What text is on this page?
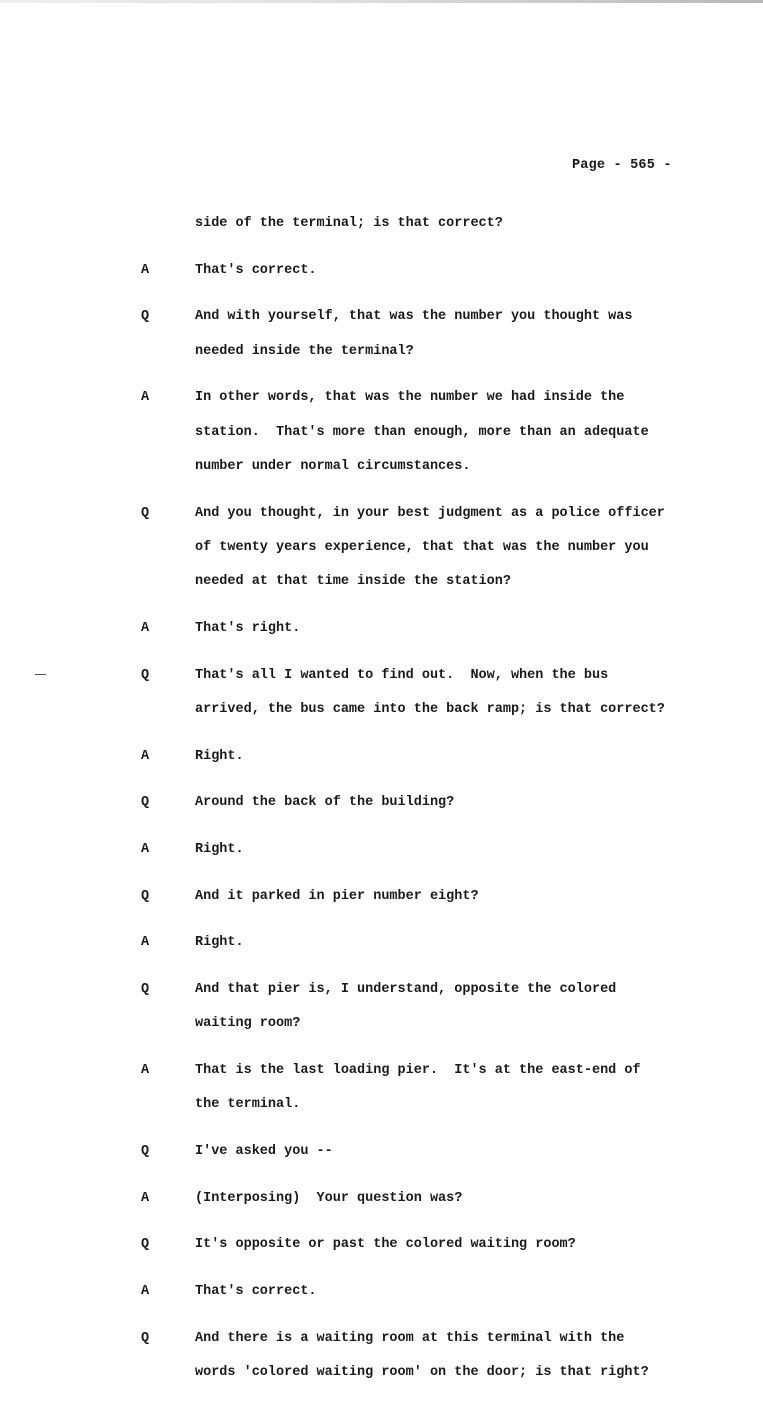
Page - 565 -
side of the terminal; is that correct?
A	That's correct.
Q	And with yourself, that was the number you thought was
needed inside the terminal?
A	In other words, that was the number we had inside the
station.  That's more than enough, more than an adequate
number under normal circumstances.
Q	And you thought, in your best judgment as a police officer
of twenty years experience, that that was the number you
needed at that time inside the station?
A	That's right.
Q	That's all I wanted to find out.  Now, when the bus
arrived, the bus came into the back ramp; is that correct?
A	Right.
Q	Around the back of the building?
A	Right.
Q	And it parked in pier number eight?
A	Right.
Q	And that pier is, I understand, opposite the colored
waiting room?
A	That is the last loading pier.  It's at the east-end of
the terminal.
Q	I've asked you --
A	(Interposing)  Your question was?
Q	It's opposite or past the colored waiting room?
A	That's correct.
Q	And there is a waiting room at this terminal with the
words 'colored waiting room' on the door; is that right?
